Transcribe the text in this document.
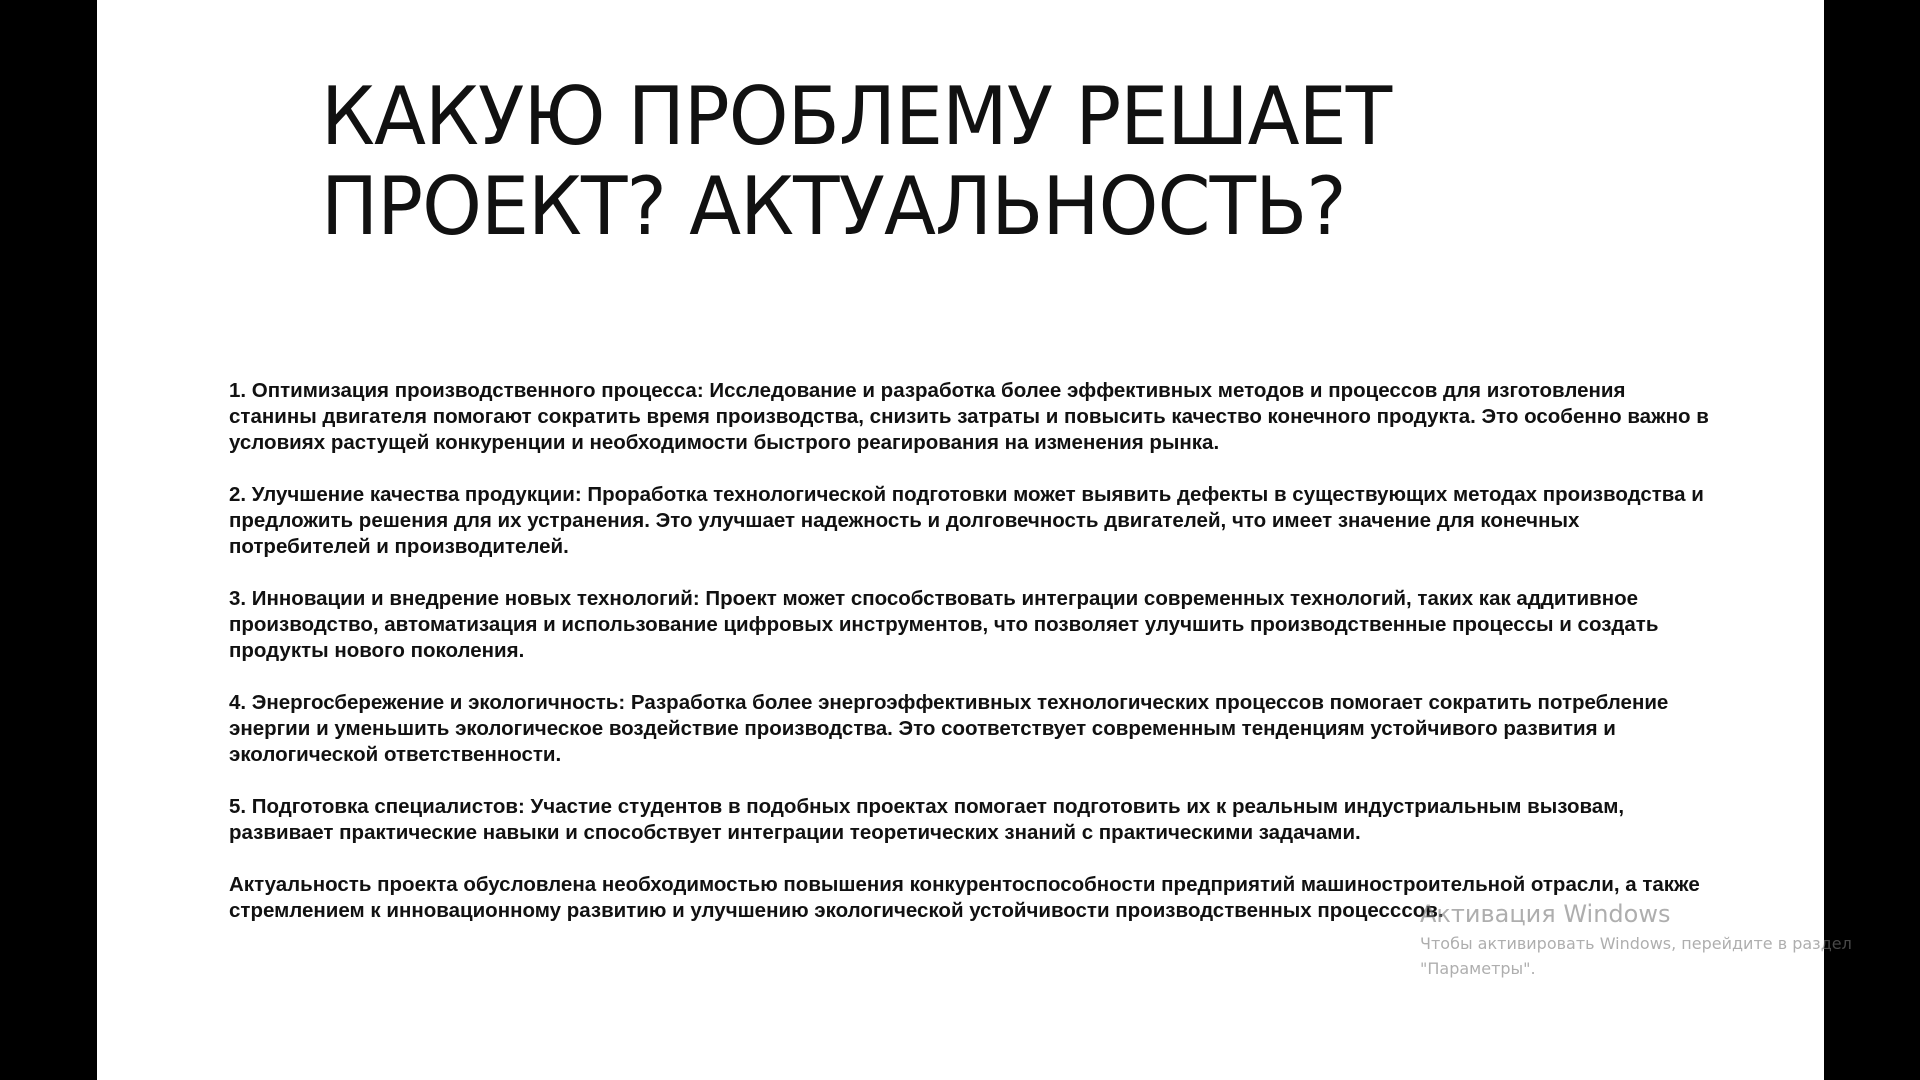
КАКУЮ ПРОБЛЕМУ РЕШАЕТ
ПРОЕКТ? АКТУАЛЬНОСТЬ?

1. Оптимизация производственного процесса: Исследование и разработка более эффективных методов и процессов для изготовления станины двигателя помогают сократить время производства, снизить затраты и повысить качество конечного продукта. Это особенно важно в условиях растущей конкуренции и необходимости быстрого реагирования на изменения рынка.

2. Улучшение качества продукции: Проработка технологической подготовки может выявить дефекты в существующих методах производства и предложить решения для их устранения. Это улучшает надежность и долговечность двигателей, что имеет значение для конечных потребителей и производителей.

3. Инновации и внедрение новых технологий: Проект может способствовать интеграции современных технологий, таких как аддитивное производство, автоматизация и использование цифровых инструментов, что позволяет улучшить производственные процессы и создать продукты нового поколения.

4. Энергосбережение и экологичность: Разработка более энергоэффективных технологических процессов помогает сократить потребление энергии и уменьшить экологическое воздействие производства. Это соответствует современным тенденциям устойчивого развития и экологической ответственности.

5. Подготовка специалистов: Участие студентов в подобных проектах помогает подготовить их к реальным индустриальным вызовам, развивает практические навыки и способствует интеграции теоретических знаний с практическими задачами.

Актуальность проекта обусловлена необходимостью повышения конкурентоспособности предприятий машиностроительной отрасли, а также стремлением к инновационному развитию и улучшению экологической устойчивости производственных процесссов.

Активация Windows
Чтобы активировать Windows, перейдите в раздел
"Параметры".
